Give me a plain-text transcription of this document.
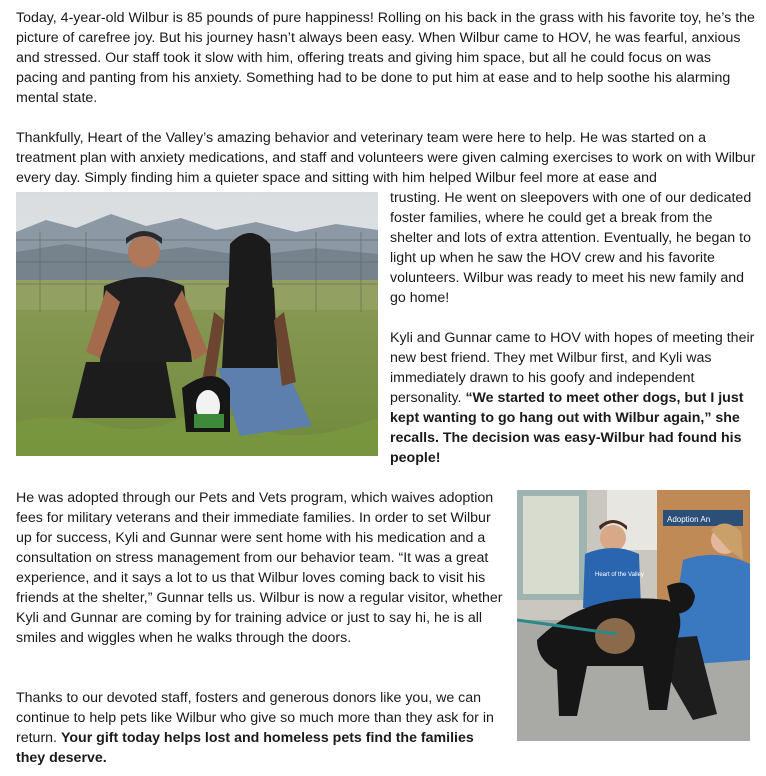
Today, 4-year-old Wilbur is 85 pounds of pure happiness! Rolling on his back in the grass with his favorite toy, he’s the picture of carefree joy. But his journey hasn’t always been easy. When Wilbur came to HOV, he was fearful, anxious and stressed. Our staff took it slow with him, offering treats and giving him space, but all he could focus on was pacing and panting from his anxiety. Something had to be done to put him at ease and to help soothe his alarming mental state.

Thankfully, Heart of the Valley’s amazing behavior and veterinary team were here to help. He was started on a treatment plan with anxiety medications, and staff and volunteers were given calming exercises to work on with Wilbur every day. Simply finding him a quieter space and sitting with him helped Wilbur feel more at ease and

trusting. He went on sleepovers with one of our dedicated foster families, where he could get a break from the shelter and lots of extra attention. Eventually, he began to light up when he saw the HOV crew and his favorite volunteers. Wilbur was ready to meet his new family and go home!

Kyli and Gunnar came to HOV with hopes of meeting their new best friend. They met Wilbur first, and Kyli was immediately drawn to his goofy and independent personality. “We started to meet other dogs, but I just kept wanting to go hang out with Wilbur again,” she recalls. The decision was easy-Wilbur had found his people!

He was adopted through our Pets and Vets program, which waives adoption fees for military veterans and their immediate families. In order to set Wilbur up for success, Kyli and Gunnar were sent home with his medication and a consultation on stress management from our behavior team. “It was a great experience, and it says a lot to us that Wilbur loves coming back to visit his friends at the shelter,” Gunnar tells us. Wilbur is now a regular visitor, whether Kyli and Gunnar are coming by for training advice or just to say hi, he is all smiles and wiggles when he walks through the doors.

Adoption An
Heart of the Valley

Thanks to our devoted staff, fosters and generous donors like you, we can continue to help pets like Wilbur who give so much more than they ask for in return. Your gift today helps lost and homeless pets find the families they deserve.
